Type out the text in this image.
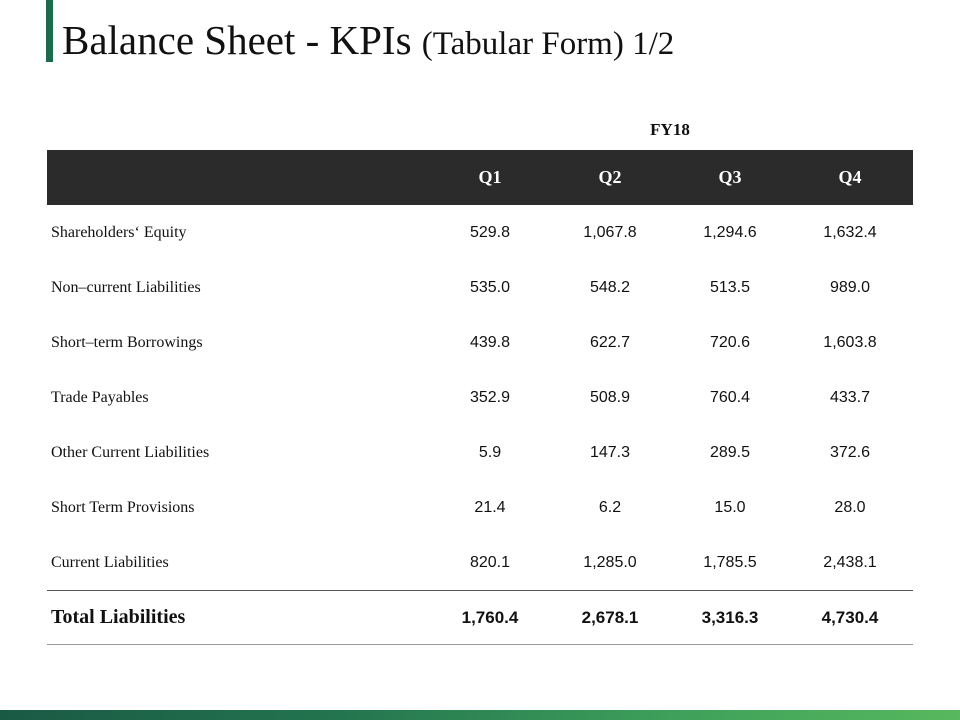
Balance Sheet - KPIs (Tabular Form) 1/2
FY18
Q1	Q2	Q3	Q4
Shareholders‘ Equity	529.8	1,067.8	1,294.6	1,632.4
Non–current Liabilities	535.0	548.2	513.5	989.0
Short–term Borrowings	439.8	622.7	720.6	1,603.8
Trade Payables	352.9	508.9	760.4	433.7
Other Current Liabilities	5.9	147.3	289.5	372.6
Short Term Provisions	21.4	6.2	15.0	28.0
Current Liabilities	820.1	1,285.0	1,785.5	2,438.1
Total Liabilities	1,760.4	2,678.1	3,316.3	4,730.4
